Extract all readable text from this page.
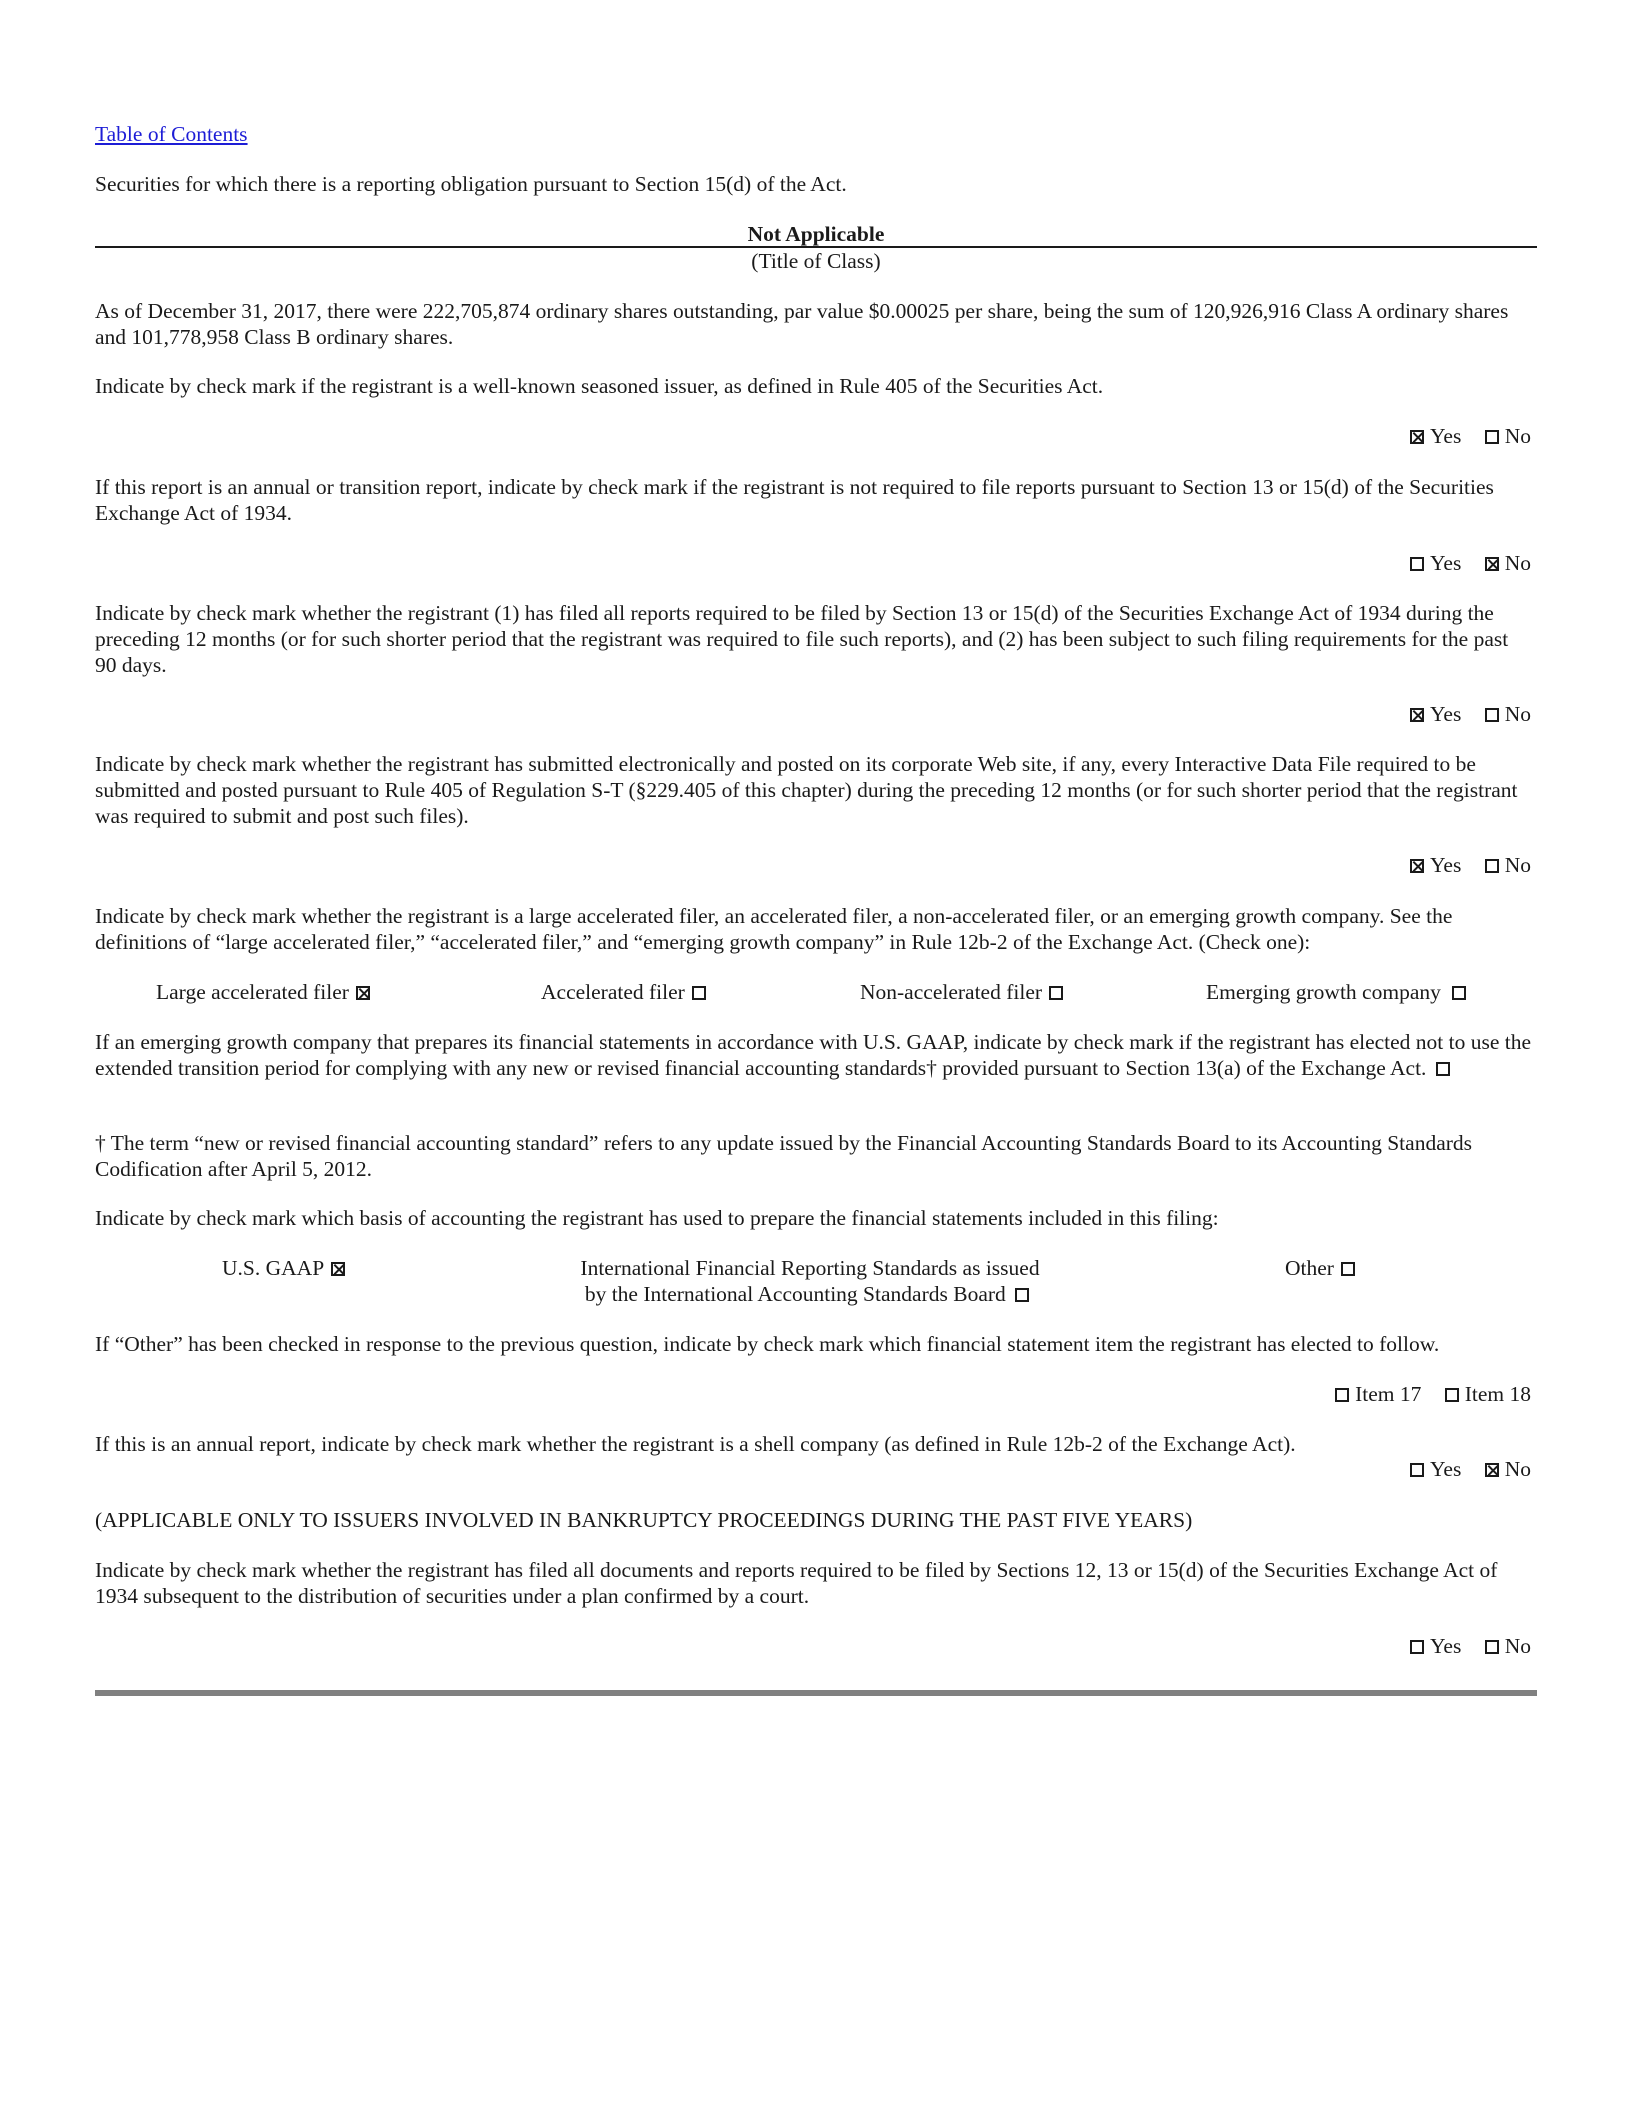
Table of Contents

Securities for which there is a reporting obligation pursuant to Section 15(d) of the Act.

Not Applicable

(Title of Class)

As of December 31, 2017, there were 222,705,874 ordinary shares outstanding, par value $0.00025 per share, being the sum of 120,926,916 Class A ordinary shares and 101,778,958 Class B ordinary shares.

Indicate by check mark if the registrant is a well-known seasoned issuer, as defined in Rule 405 of the Securities Act.

Yes No

If this report is an annual or transition report, indicate by check mark if the registrant is not required to file reports pursuant to Section 13 or 15(d) of the Securities Exchange Act of 1934.

Yes No

Indicate by check mark whether the registrant (1) has filed all reports required to be filed by Section 13 or 15(d) of the Securities Exchange Act of 1934 during the preceding 12 months (or for such shorter period that the registrant was required to file such reports), and (2) has been subject to such filing requirements for the past 90 days.

Yes No

Indicate by check mark whether the registrant has submitted electronically and posted on its corporate Web site, if any, every Interactive Data File required to be submitted and posted pursuant to Rule 405 of Regulation S-T (§229.405 of this chapter) during the preceding 12 months (or for such shorter period that the registrant was required to submit and post such files).

Yes No

Indicate by check mark whether the registrant is a large accelerated filer, an accelerated filer, a non-accelerated filer, or an emerging growth company. See the definitions of “large accelerated filer,” “accelerated filer,” and “emerging growth company” in Rule 12b-2 of the Exchange Act. (Check one):

Large accelerated filer	Accelerated filer	Non-accelerated filer	Emerging growth company
If an emerging growth company that prepares its financial statements in accordance with U.S. GAAP, indicate by check mark if the registrant has elected not to use the extended transition period for complying with any new or revised financial accounting standards† provided pursuant to Section 13(a) of the Exchange Act.

† The term “new or revised financial accounting standard” refers to any update issued by the Financial Accounting Standards Board to its Accounting Standards Codification after April 5, 2012.

Indicate by check mark which basis of accounting the registrant has used to prepare the financial statements included in this filing:

U.S. GAAP	International Financial Reporting Standards as issued
by the International Accounting Standards Board
Other

If “Other” has been checked in response to the previous question, indicate by check mark which financial statement item the registrant has elected to follow.

Item 17 Item 18

If this is an annual report, indicate by check mark whether the registrant is a shell company (as defined in Rule 12b-2 of the Exchange Act).

Yes No

(APPLICABLE ONLY TO ISSUERS INVOLVED IN BANKRUPTCY PROCEEDINGS DURING THE PAST FIVE YEARS)

Indicate by check mark whether the registrant has filed all documents and reports required to be filed by Sections 12, 13 or 15(d) of the Securities Exchange Act of 1934 subsequent to the distribution of securities under a plan confirmed by a court.

Yes No
